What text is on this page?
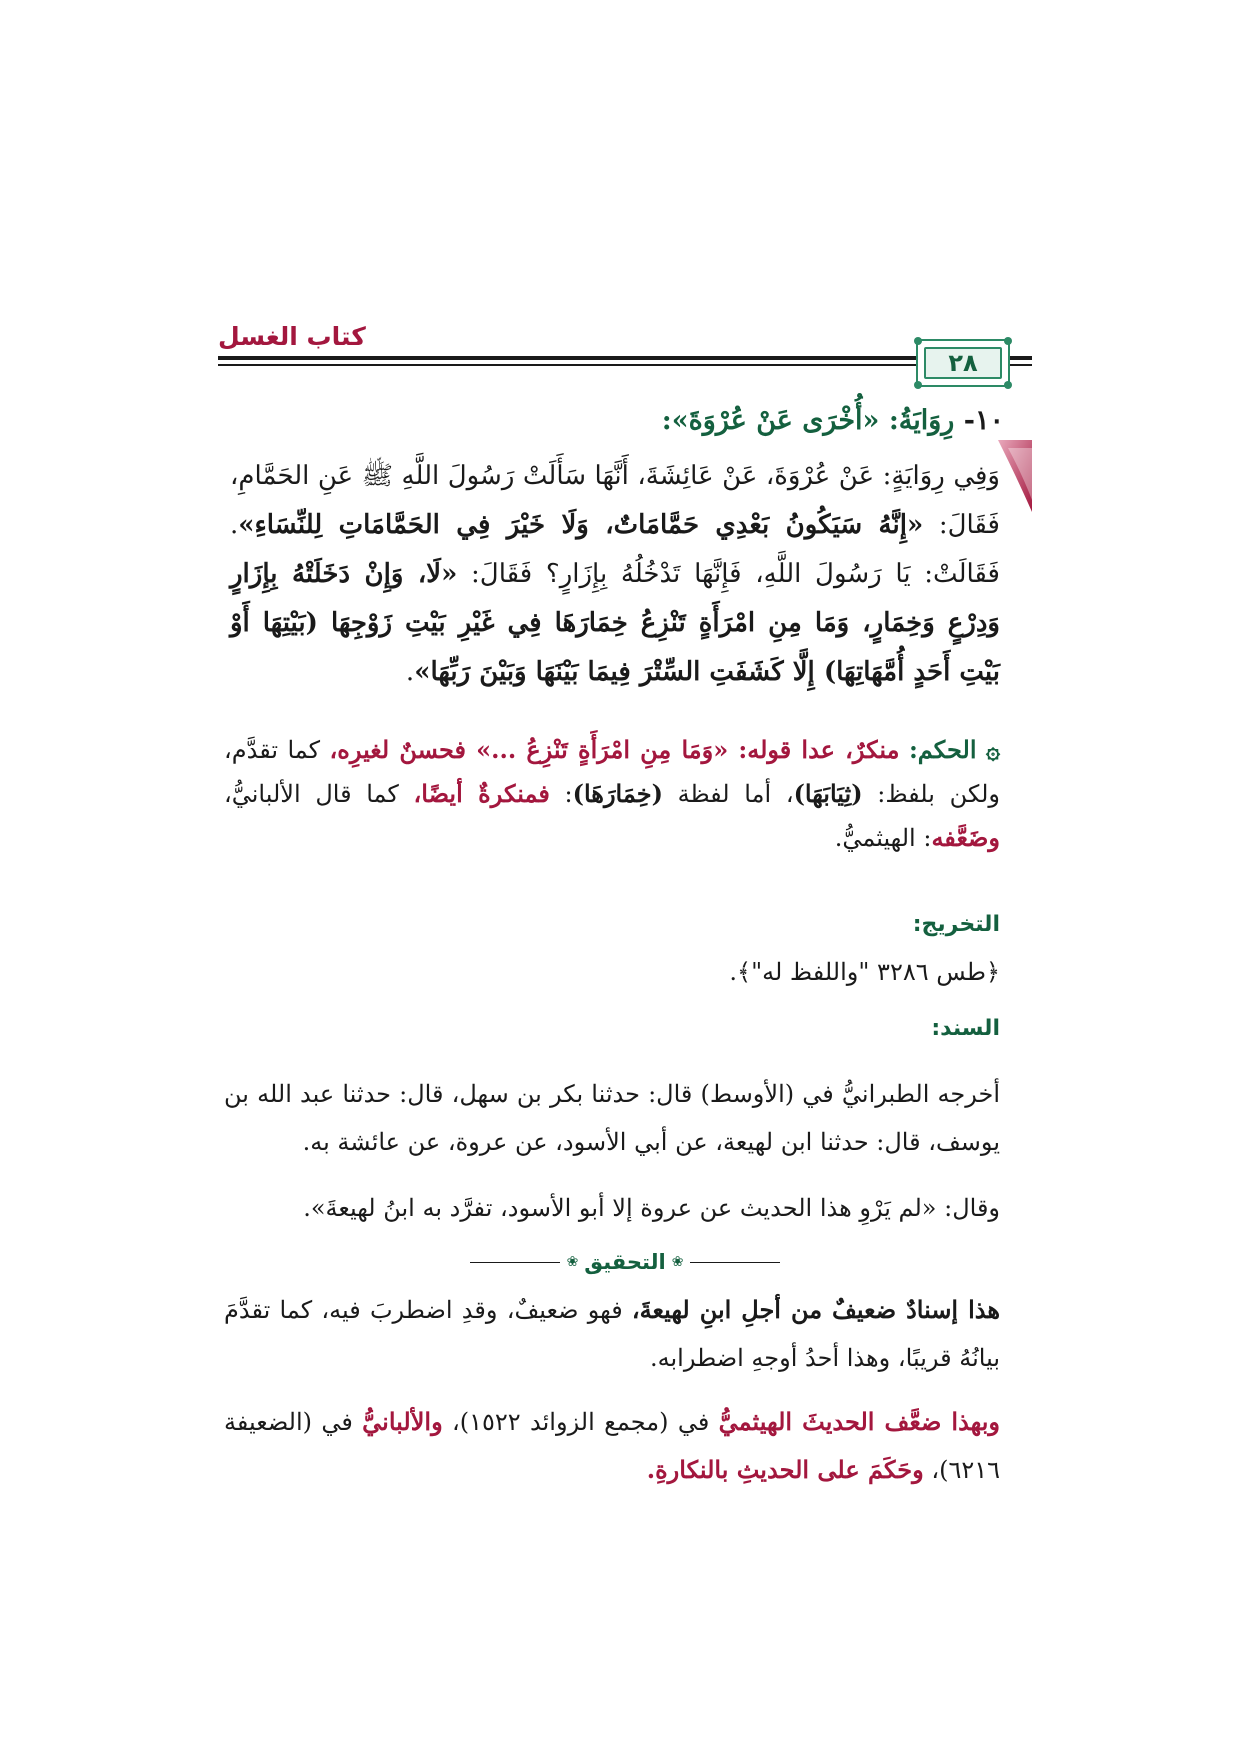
كتاب الغسل
٢٨
١٠- رِوَايَةُ: «أُخْرَى عَنْ عُرْوَةَ»:
وَفِي رِوَايَةٍ: عَنْ عُرْوَةَ، عَنْ عَائِشَةَ، أَنَّهَا سَأَلَتْ رَسُولَ اللَّهِ ﷺ عَنِ الحَمَّامِ، فَقَالَ: «إِنَّهُ سَيَكُونُ بَعْدِي حَمَّامَاتٌ، وَلَا خَيْرَ فِي الحَمَّامَاتِ لِلنِّسَاءِ». فَقَالَتْ: يَا رَسُولَ اللَّهِ، فَإِنَّهَا تَدْخُلُهُ بِإِزَارٍ؟ فَقَالَ: «لَا، وَإِنْ دَخَلَتْهُ بِإِزَارٍ وَدِرْعٍ وَخِمَارٍ، وَمَا مِنِ امْرَأَةٍ تَنْزِعُ خِمَارَهَا فِي غَيْرِ بَيْتِ زَوْجِهَا (بَيْتِهَا أَوْ بَيْتِ أَحَدٍ أُمَّهَاتِهَا) إِلَّا كَشَفَتِ السِّتْرَ فِيمَا بَيْنَهَا وَبَيْنَ رَبِّهَا».
۞ الحكم: منكرٌ، عدا قوله: «وَمَا مِنِ امْرَأَةٍ تَنْزِعُ ...» فحسنٌ لغيرِه، كما تقدَّم، ولكن بلفظ: (ثِيَابَهَا)، أما لفظة (خِمَارَهَا): فمنكرةٌ أيضًا، كما قال الألبانيُّ، وضَعَّفه: الهيثميُّ.
التخريج:
﴿طس ٣٢٨٦ "واللفظ له"﴾.
السند:
أخرجه الطبرانيُّ في (الأوسط) قال: حدثنا بكر بن سهل، قال: حدثنا عبد الله بن يوسف، قال: حدثنا ابن لهيعة، عن أبي الأسود، عن عروة، عن عائشة به.
وقال: «لم يَرْوِ هذا الحديث عن عروة إلا أبو الأسود، تفرَّد به ابنُ لهيعةَ».
❀ التحقيق ❀
هذا إسنادٌ ضعيفٌ من أجلِ ابنِ لهيعةَ، فهو ضعيفٌ، وقدِ اضطربَ فيه، كما تقدَّمَ بيانُهُ قريبًا، وهذا أحدُ أوجهِ اضطرابه.
وبهذا ضعَّف الحديثَ الهيثميُّ في (مجمع الزوائد ١٥٢٢)، والألبانيُّ في (الضعيفة ٦٢١٦)، وحَكَمَ على الحديثِ بالنكارةِ.
